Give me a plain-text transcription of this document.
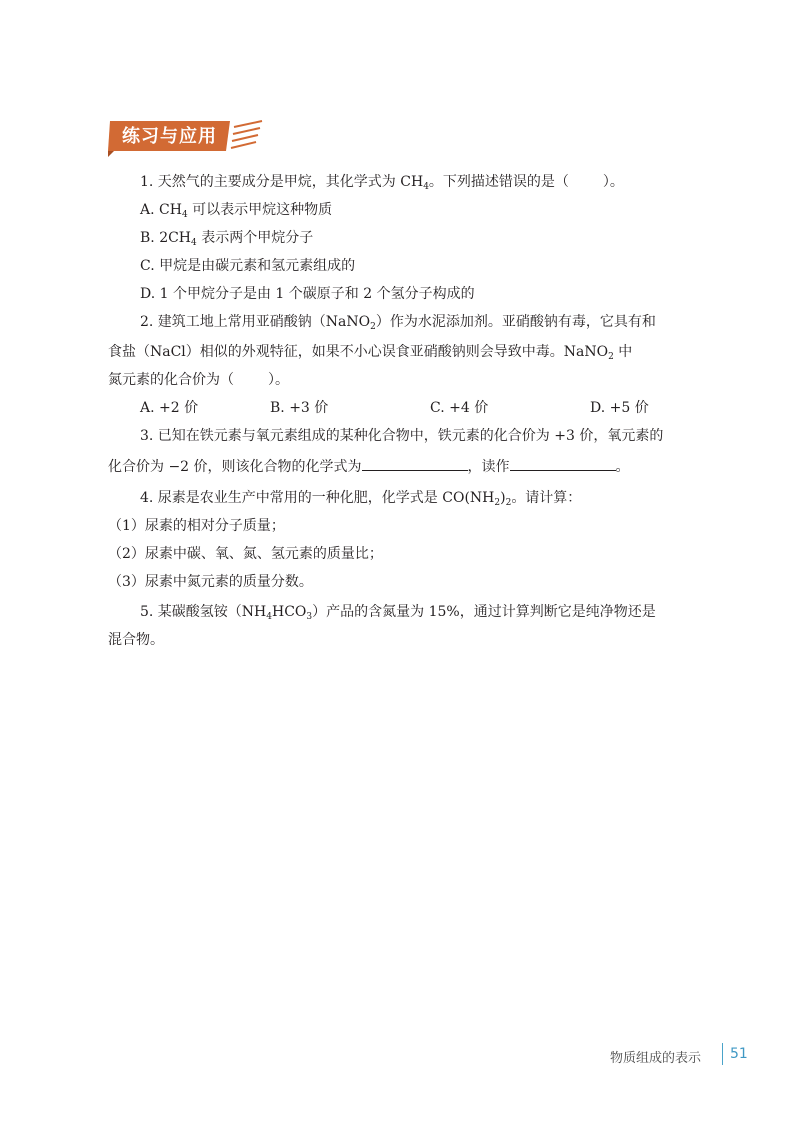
练习与应用
1. 天然气的主要成分是甲烷，其化学式为 $CH_4$。下列描述错误的是（ ）。
A. $CH_4$ 可以表示甲烷这种物质
B. $2CH_4$ 表示两个甲烷分子
C. 甲烷是由碳元素和氢元素组成的
D. 1 个甲烷分子是由 1 个碳原子和 2 个氢分子构成的
2. 建筑工地上常用亚硝酸钠（NaNO$_2$）作为水泥添加剂。亚硝酸钠有毒，它具有和
食盐（NaCl）相似的外观特征，如果不小心误食亚硝酸钠则会导致中毒。NaNO$_2$ 中
氮元素的化合价为（ ）。
A. +2 价	B. +3 价	C. +4 价	D. +5 价
3. 已知在铁元素与氧元素组成的某种化合物中，铁元素的化合价为 +3 价，氧元素的
化合价为 −2 价，则该化合物的化学式为	，读作	。
4. 尿素是农业生产中常用的一种化肥，化学式是 $CO(NH_2)_2$。请计算：
（1）尿素的相对分子质量；
（2）尿素中碳、氧、氮、氢元素的质量比；
（3）尿素中氮元素的质量分数。
5. 某碳酸氢铵$(NH_4HCO_3)$产品的含氮量为 15%，通过计算判断它是纯净物还是
混合物。
物质组成的表示 51
